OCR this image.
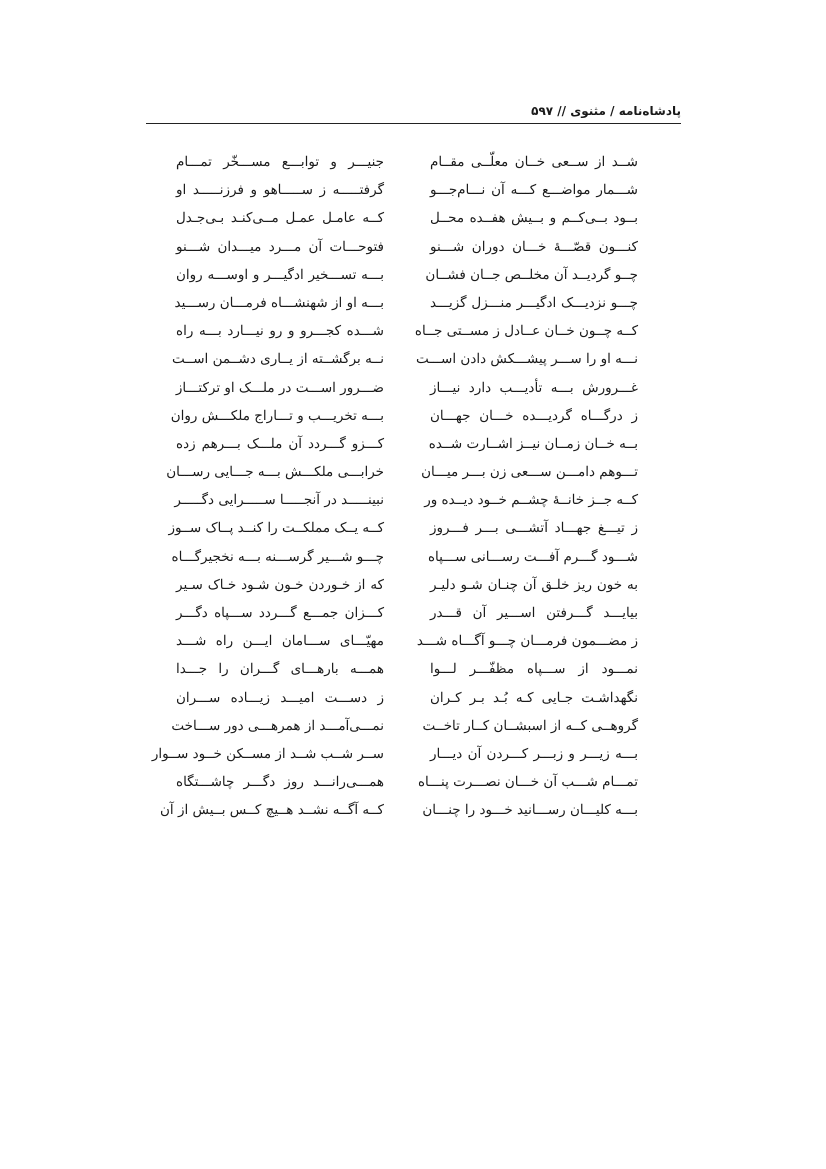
پادشاه‌نامه / مثنوی // ۵۹۷
شــد از ســعی خــان معلّــی مقــام
جنیـــر و توابـــع مســـخّر تمـــام
شـــمار مواضـــع کـــه آن نـــام‌جـــو
گرفتـــــه ز ســـــاهو و فرزنـــــد او
بــود بــی‌کــم و بــیش هفــده محــل
کــه عامـل عمـل مــی‌کنـد بـی‌جـدل
کنـــون قصّـــۀ خـــان دوران شـــنو
فتوحـــات آن مـــرد میـــدان شـــنو
چــو گردیــد آن مخلــص جــان فشــان
بـــه تســـخیر ادگیـــر و اوســـه روان
چـــو نزدیـــک ادگیـــر منـــزل گزیـــد
بـــه او از شهنشـــاه فرمـــان رســـید
کــه چــون خــان عــادل ز مســتی جــاه
شـــده کجـــرو و رو نیـــارد بـــه راه
نـــه او را ســـر پیشـــکش دادن اســـت
نــه برگشــته از یــاری دشــمن اســت
غـــرورش بـــه تأدیـــب دارد نیـــاز
ضـــرور اســـت در ملـــک او ترکتـــاز
ز درگـــاه گردیـــده خـــان جهـــان
بـــه تخریـــب و تـــاراج ملکـــش روان
بــه خــان زمــان نیــز اشــارت شــده
کـــزو گـــردد آن ملـــک بـــرهم زده
تـــوهم دامـــن ســـعی زن بـــر میـــان
خرابـــی ملکـــش بـــه جـــایی رســـان
کــه جــز خانــۀ چشــم خــود دیــده ور
نبینـــــد در آنجـــــا ســـــرایی دگـــــر
ز تیـــغ جهـــاد آتشـــی بـــر فـــروز
کــه یــک مملکــت را کنــد پــاک ســوز
شـــود گـــرم آفـــت رســـانی ســـپاه
چـــو شـــیر گرســـنه بـــه نخجیرگـــاه
به خون ریز خلـق آن چنـان شـو دلیـر
که از خـوردن خـون شـود خـاک سـیر
بیایـــد گـــرفتن اســـیر آن قـــدر
کـــزان جمـــع گـــردد ســـپاه دگـــر
ز مضـــمون فرمـــان چـــو آگـــاه شـــد
مهیّـــای ســـامان ایـــن راه شـــد
نمـــود از ســـپاه مظفّـــر لـــوا
همـــه بارهـــای گـــران را جـــدا
نگهداشـت جـایی کـه بُـد بـر کـران
ز دســـت امیـــد زیـــاده ســـران
گروهــی کــه از اسبشــان کــار تاخــت
نمـــی‌آمـــد از همرهـــی دور ســـاخت
بـــه زیـــر و زبـــر کـــردن آن دیـــار
ســر شــب شــد از مســکن خــود ســوار
تمـــام شـــب آن خـــان نصـــرت پنـــاه
همـــی‌رانـــد روز دگـــر چاشـــتگاه
بـــه کلیـــان رســـانید خـــود را چنـــان
کــه آگــه نشــد هــیچ کــس بــیش از آن
